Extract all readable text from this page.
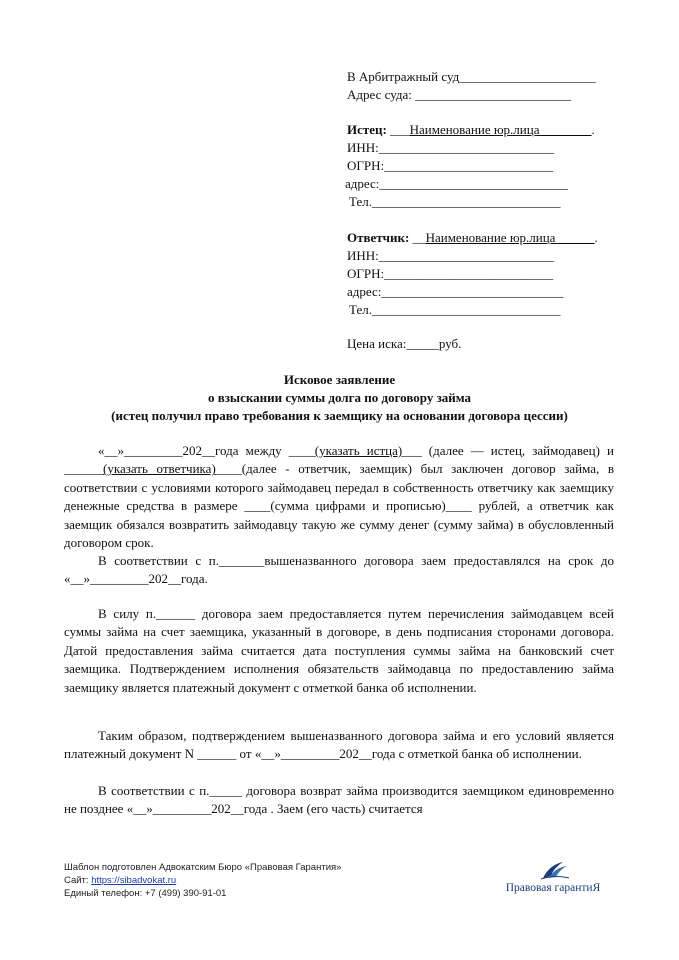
В Арбитражный суд_____________________
Адрес суда: ________________________
Истец: ___Наименование юр.лица________.
ИНН:___________________________
ОГРН:__________________________
адрес:_____________________________
Тел._____________________________
Ответчик: __Наименование юр.лица______.
ИНН:___________________________
ОГРН:__________________________
адрес:____________________________
Тел._____________________________
Цена иска:_____руб.
Исковое заявление
о взыскании суммы долга по договору займа
(истец получил право требования к заемщику на основании договора цессии)

«__»_________202__года между ____(указать истца)___ (далее — истец, займодавец) и ______(указать ответчика)____(далее - ответчик, заемщик) был заключен договор займа, в соответствии с условиями которого займодавец передал в собственность ответчику как заемщику денежные средства в размере ____(сумма цифрами и прописью)____ рублей, а ответчик как заемщик обязался возвратить займодавцу такую же сумму денег (сумму займа) в обусловленный договором срок.

В соответствии с п._______вышеназванного договора заем предоставлялся на срок до «__»_________202__года.

В силу п.______ договора заем предоставляется путем перечисления займодавцем всей суммы займа на счет заемщика, указанный в договоре, в день подписания сторонами договора. Датой предоставления займа считается дата поступления суммы займа на банковский счет заемщика. Подтверждением исполнения обязательств займодавца по предоставлению займа заемщику является платежный документ с отметкой банка об исполнении.

Таким образом, подтверждением вышеназванного договора займа и его условий является платежный документ N ______ от «__»_________202__года с отметкой банка об исполнении.

В соответствии с п._____ договора возврат займа производится заемщиком единовременно не позднее «__»_________202__года . Заем (его часть) считается

Шаблон подготовлен Адвокатским Бюро «Правовая Гарантия»
Сайт: https://sibadvokat.ru
Единый телефон: +7 (499) 390-91-01	Правовая гарантиЯ
